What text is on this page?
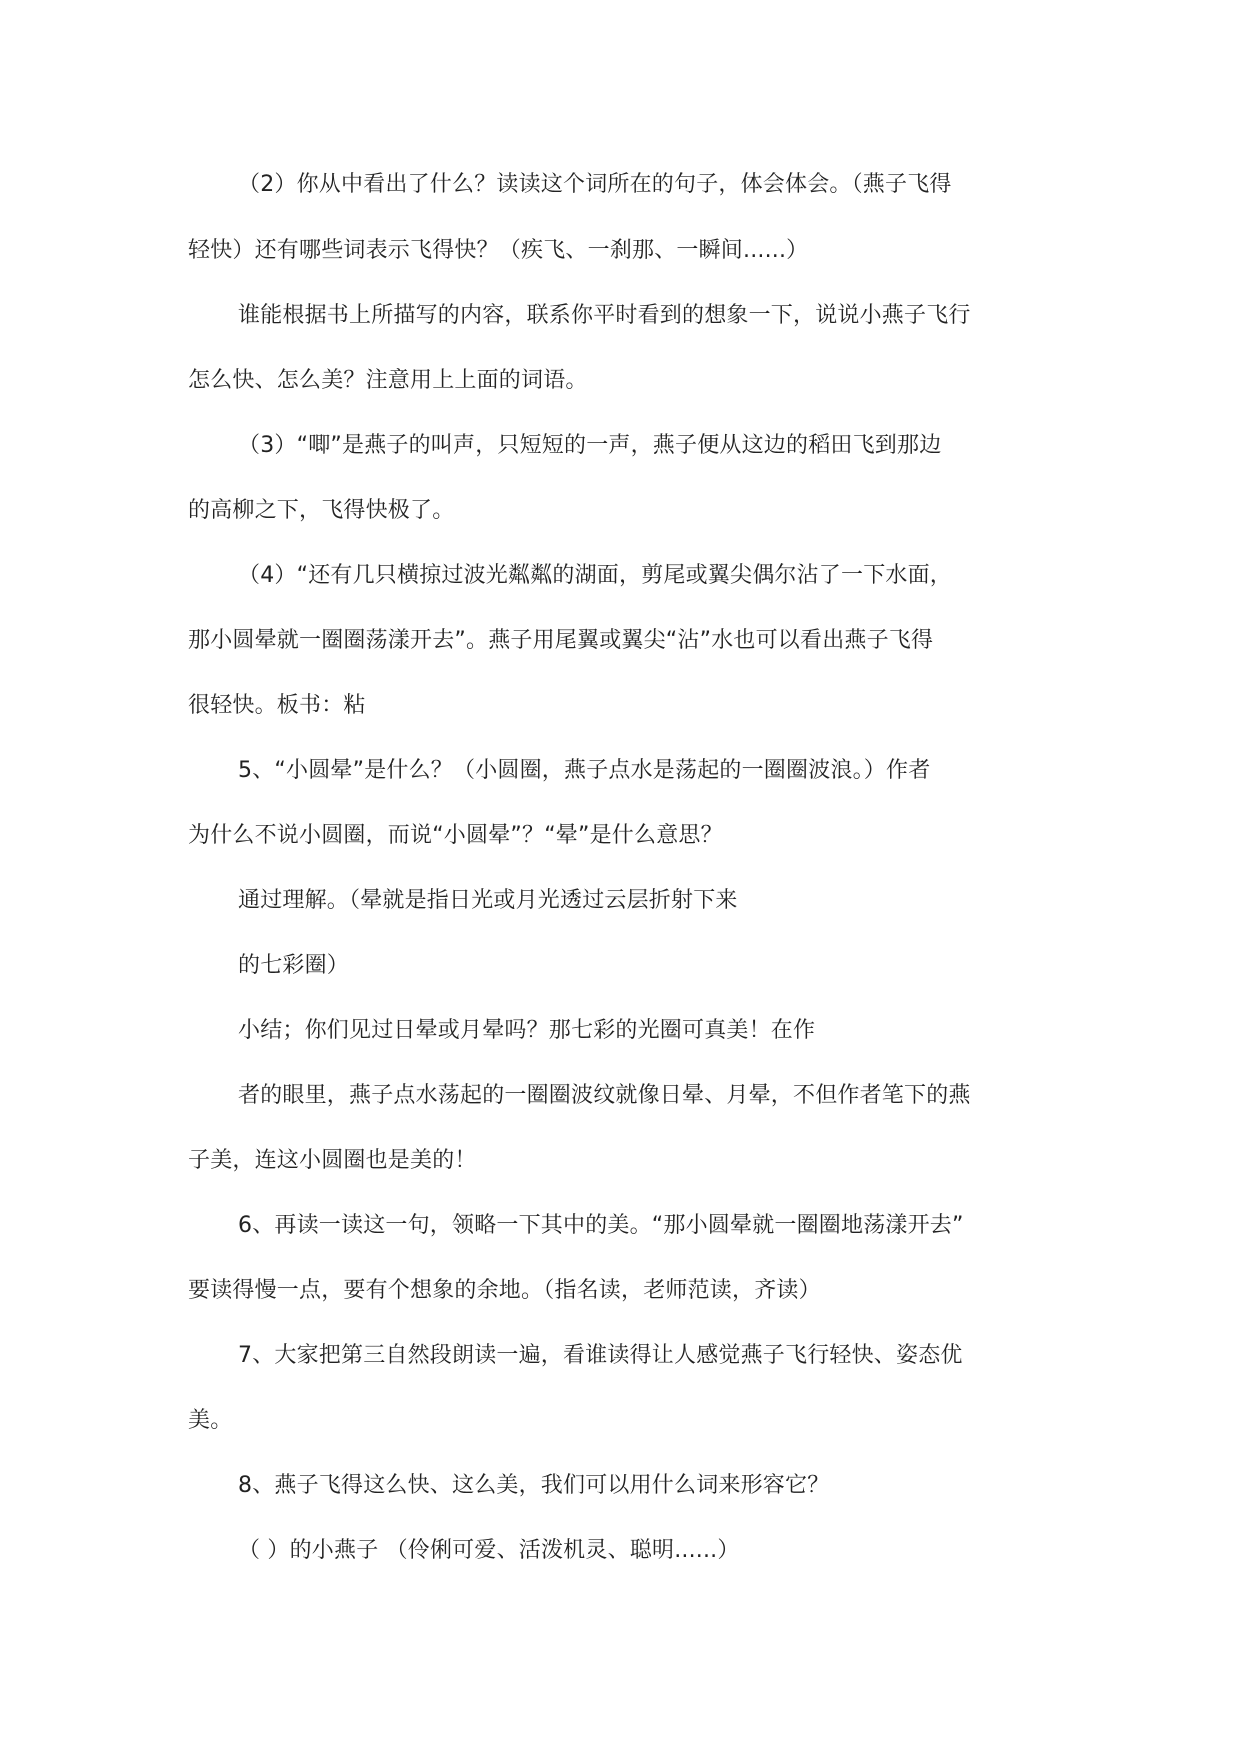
（2）你从中看出了什么？读读这个词所在的句子，体会体会。（燕子飞得
轻快）还有哪些词表示飞得快？（疾飞、一刹那、一瞬间......）
谁能根据书上所描写的内容，联系你平时看到的想象一下，说说小燕子飞行
怎么快、怎么美？注意用上上面的词语。
（3）“唧”是燕子的叫声，只短短的一声，燕子便从这边的稻田飞到那边
的高柳之下，飞得快极了。
（4）“还有几只横掠过波光粼粼的湖面，剪尾或翼尖偶尔沾了一下水面，
那小圆晕就一圈圈荡漾开去”。燕子用尾翼或翼尖“沾”水也可以看出燕子飞得
很轻快。板书：粘
5、“小圆晕”是什么？（小圆圈，燕子点水是荡起的一圈圈波浪。）作者
为什么不说小圆圈，而说“小圆晕”？“晕”是什么意思？
通过理解。（晕就是指日光或月光透过云层折射下来
的七彩圈）
小结；你们见过日晕或月晕吗？那七彩的光圈可真美！在作
者的眼里，燕子点水荡起的一圈圈波纹就像日晕、月晕，不但作者笔下的燕
子美，连这小圆圈也是美的！
6、再读一读这一句，领略一下其中的美。“那小圆晕就一圈圈地荡漾开去”
要读得慢一点，要有个想象的余地。（指名读，老师范读，齐读）
7、大家把第三自然段朗读一遍，看谁读得让人感觉燕子飞行轻快、姿态优
美。
8、燕子飞得这么快、这么美，我们可以用什么词来形容它？
（ ）的小燕子 （伶俐可爱、活泼机灵、聪明......）
